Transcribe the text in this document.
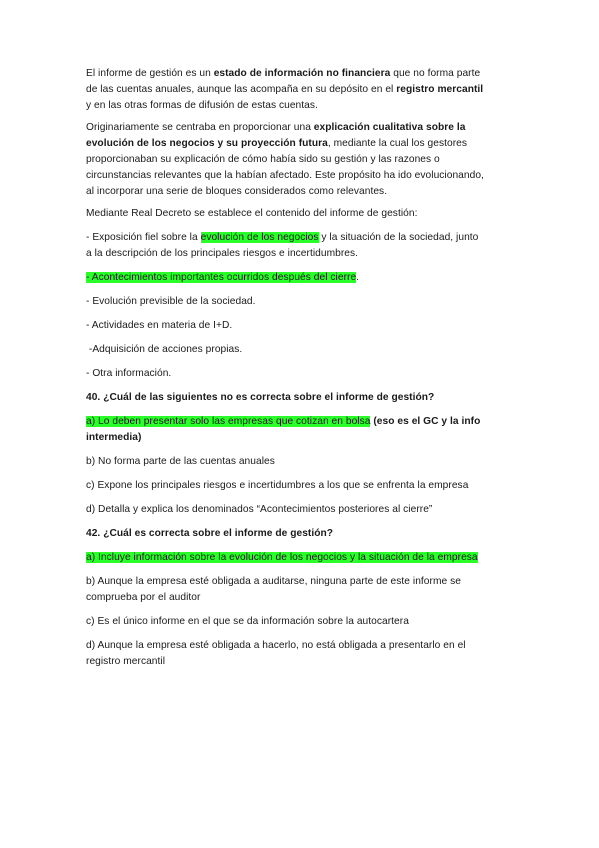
El informe de gestión es un estado de información no financiera que no forma parte de las cuentas anuales, aunque las acompaña en su depósito en el registro mercantil y en las otras formas de difusión de estas cuentas.

Originariamente se centraba en proporcionar una explicación cualitativa sobre la evolución de los negocios y su proyección futura, mediante la cual los gestores proporcionaban su explicación de cómo había sido su gestión y las razones o circunstancias relevantes que la habían afectado. Este propósito ha ido evolucionando, al incorporar una serie de bloques considerados como relevantes.

Mediante Real Decreto se establece el contenido del informe de gestión:

- Exposición fiel sobre la evolución de los negocios y la situación de la sociedad, junto a la descripción de los principales riesgos e incertidumbres.

- Acontecimientos importantes ocurridos después del cierre.

- Evolución previsible de la sociedad.

- Actividades en materia de I+D.

-Adquisición de acciones propias.

- Otra información.

40. ¿Cuál de las siguientes no es correcta sobre el informe de gestión?

a) Lo deben presentar solo las empresas que cotizan en bolsa (eso es el GC y la info intermedia)

b) No forma parte de las cuentas anuales

c) Expone los principales riesgos e incertidumbres a los que se enfrenta la empresa

d) Detalla y explica los denominados “Acontecimientos posteriores al cierre”

42. ¿Cuál es correcta sobre el informe de gestión?

a) Incluye información sobre la evolución de los negocios y la situación de la empresa

b) Aunque la empresa esté obligada a auditarse, ninguna parte de este informe se comprueba por el auditor

c) Es el único informe en el que se da información sobre la autocartera

d) Aunque la empresa esté obligada a hacerlo, no está obligada a presentarlo en el registro mercantil
